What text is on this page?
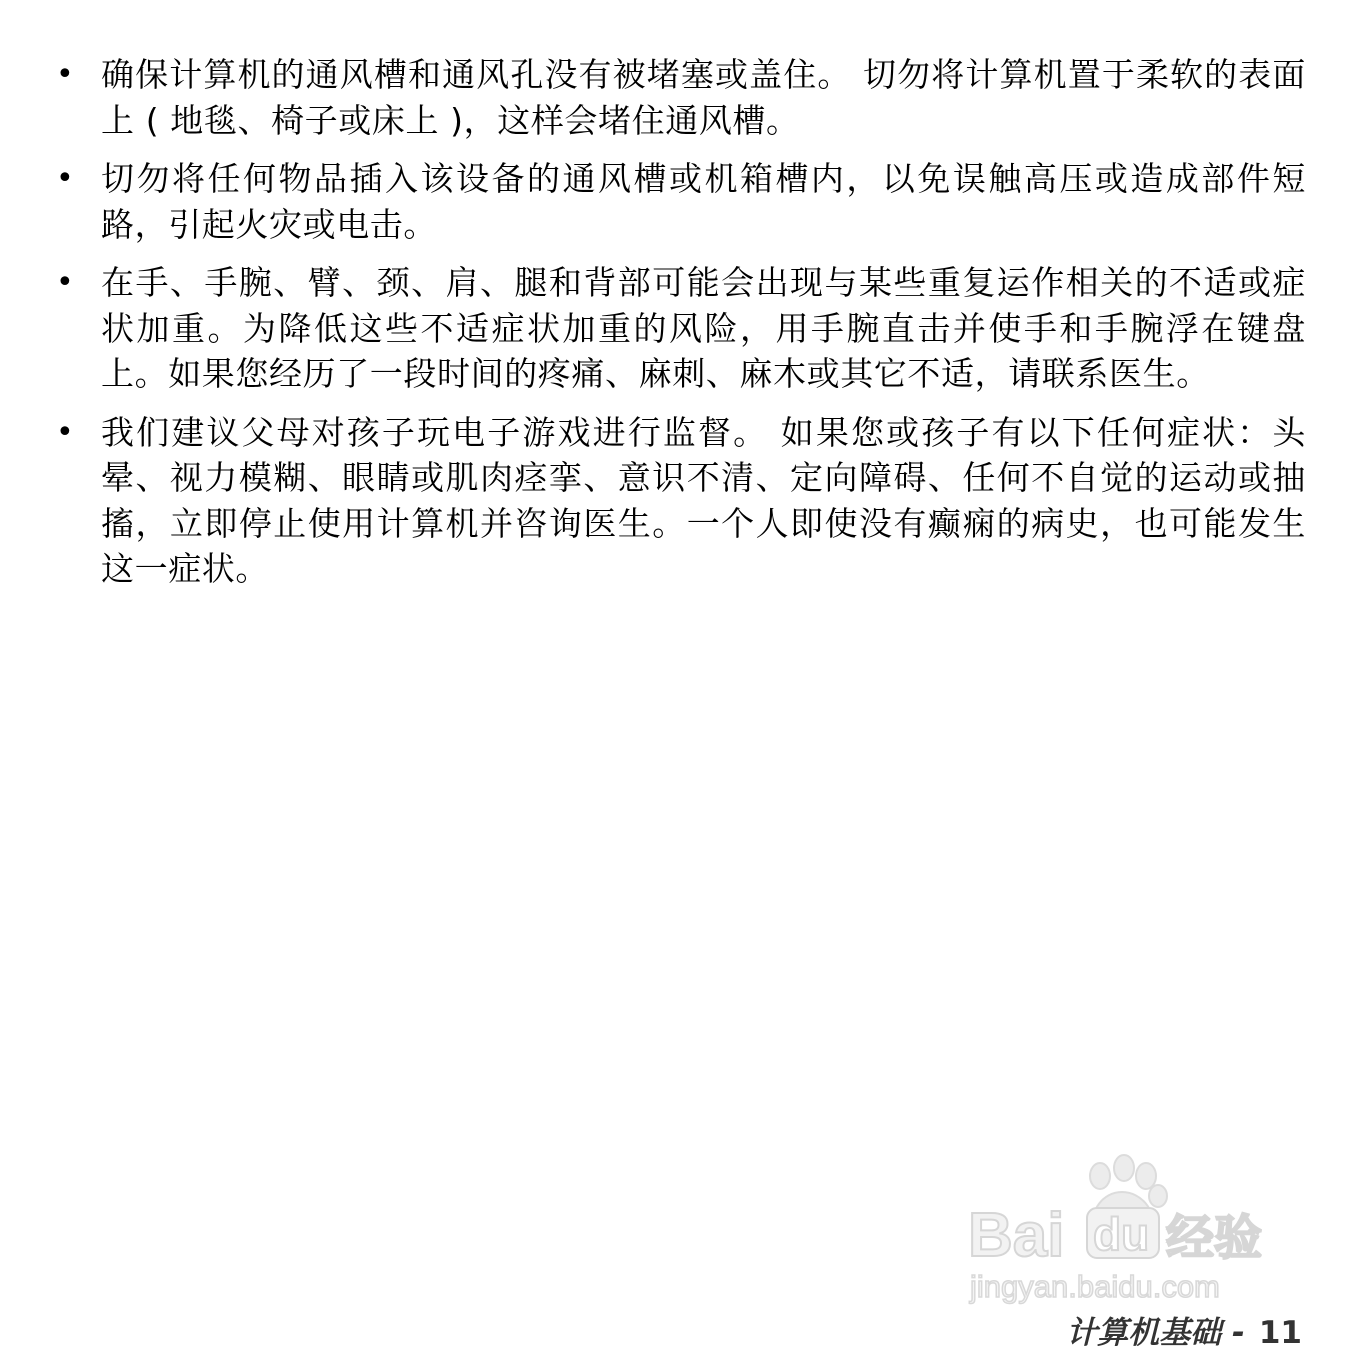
• 确保计算机的通风槽和通风孔没有被堵塞或盖住。 切勿将计算机置于柔软的表面上 ( 地毯、椅子或床上 )，这样会堵住通风槽。
• 切勿将任何物品插入该设备的通风槽或机箱槽内，以免误触高压或造成部件短路，引起火灾或电击。
• 在手、手腕、臂、颈、肩、腿和背部可能会出现与某些重复运作相关的不适或症状加重。为降低这些不适症状加重的风险，用手腕直击并使手和手腕浮在键盘上。如果您经历了一段时间的疼痛、麻刺、麻木或其它不适，请联系医生。
• 我们建议父母对孩子玩电子游戏进行监督。 如果您或孩子有以下任何症状：头晕、视力模糊、眼睛或肌肉痉挛、意识不清、定向障碍、任何不自觉的运动或抽搐，立即停止使用计算机并咨询医生。一个人即使没有癫痫的病史，也可能发生这一症状。
Bai du 经验
jingyan.baidu.com
计算机基础 - 11
